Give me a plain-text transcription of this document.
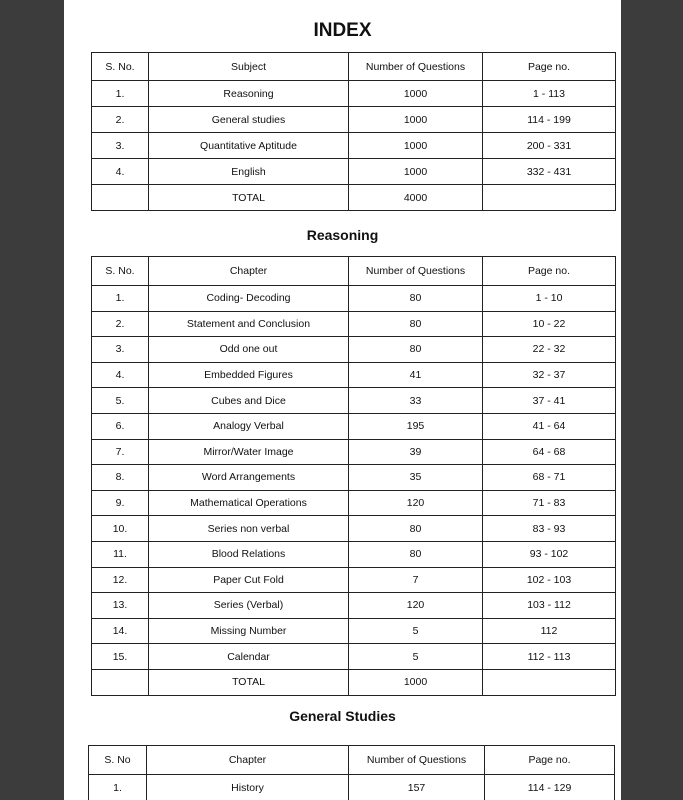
INDEX
S. No.	Subject	Number of Questions	Page no.
1.	Reasoning	1000	1 - 113
2.	General studies	1000	114 - 199
3.	Quantitative Aptitude	1000	200 - 331
4.	English	1000	332 - 431
	TOTAL	4000	
Reasoning
S. No.	Chapter	Number of Questions	Page no.
1.	Coding- Decoding	80	1 - 10
2.	Statement and Conclusion	80	10 - 22
3.	Odd one out	80	22 - 32
4.	Embedded Figures	41	32 - 37
5.	Cubes and Dice	33	37 - 41
6.	Analogy Verbal	195	41 - 64
7.	Mirror/Water Image	39	64 - 68
8.	Word Arrangements	35	68 - 71
9.	Mathematical Operations	120	71 - 83
10.	Series non verbal	80	83 - 93
11.	Blood Relations	80	93 - 102
12.	Paper Cut Fold	7	102 - 103
13.	Series (Verbal)	120	103 - 112
14.	Missing Number	5	112
15.	Calendar	5	112 - 113
	TOTAL	1000	
General Studies
S. No	Chapter	Number of Questions	Page no.
1.	History	157	114 - 129
